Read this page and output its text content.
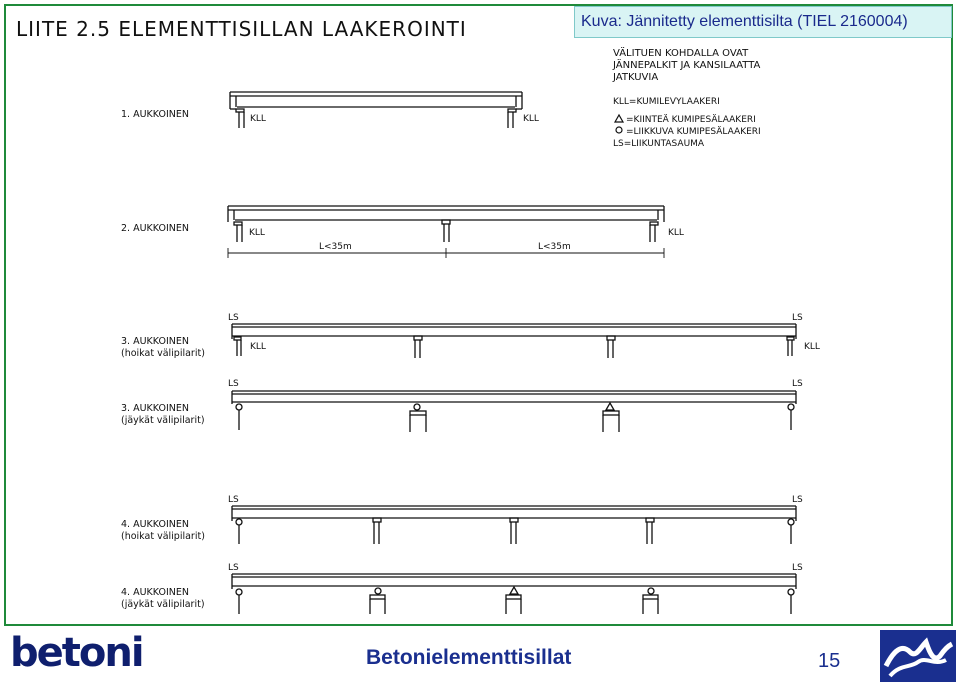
LIITE 2.5 ELEMENTTISILLAN LAAKEROINTI
VÄLITUEN KOHDALLA OVAT
JÄNNEPALKIT JA KANSILAATTA
JATKUVIA
KLL=KUMILEVYLAAKERI
=KIINTEÄ KUMIPESÄLAAKERI
=LIIKKUVA KUMIPESÄLAAKERI
LS=LIIKUNTASAUMA
1. AUKKOINEN
2. AUKKOINEN
3. AUKKOINEN
(hoikat välipilarit)
3. AUKKOINEN
(jäykät välipilarit)
4. AUKKOINEN
(hoikat välipilarit)
4. AUKKOINEN
(jäykät välipilarit)
KLL	KLL
KLL	KLL
L<35m	L<35m
LS	LS
KLL	KLL
LS	LS
LS	LS
LS	LS
Kuva: Jännitetty elementtisilta (TIEL 2160004)
betoni	Betonielementtisillat	15
